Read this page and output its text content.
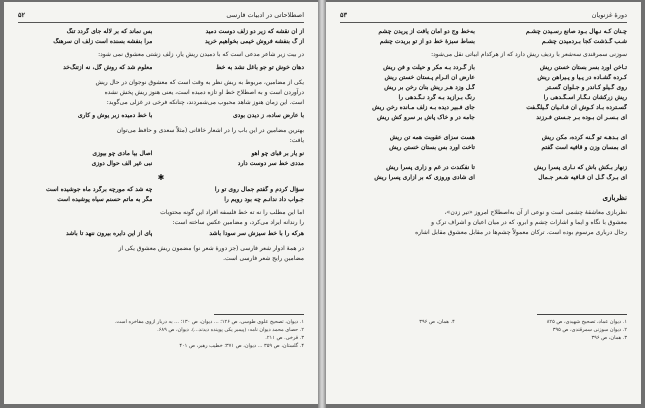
اصطلاحاتی در ادبیات فارسی
۵۲
از آن نقشه که زیر دو زلف دوست دمید
بس نماند که بر لاله جای گردد تنگ
از گ بنفشه فروش خیمی بخواهیم خرید
مرا بنفشه بسنده است زلف آن سرهنگ
در بیت زیر شاعر مدعی است که با دمیدن ریش یار، زلف زشتی معشوق نمی شود:
دهان خوش تو جو باغل نشد به خط
معلوم شد که روش گل، نه ازتنگ‌خد
یکی از مضامین، مربوط به ریش نظر به وقت است که معشوق نوجوان در حال ریش
درآوردن است و به اصطلاح خط او تازه دمیده است، یعنی هنوز ریش پخش نشده
است. این زمان هنوز شاهد محبوب می‌شمردند، چنانکه فرخی در غزلی می‌گوید:
با عارض ساده، ز دیدن بودی
با خط دمیده زبر یوش و کاری
بهترین مضامین در این باب را در اشعار خاقانی (مثلاً سعدی و حافظ می‌توان
یافت:
نو یار بر قبای چو آهو
اصال بیا مادی چو بیوزی
مددی خط سر دوست دارد
نبی غیر الف حوال دوزی
✱
سؤال کردم و گفتم جمال روی تو را
چه شد که مورچه برگرد ماه جوشیده است
جـواب داد ندانـم چه بود رویم را
مگر به ماتم حسنم سیاه پوشیده است
اما این مطلب را نه ته خط فلسفه افراد این گونه محتویات
را رندانه ایراد می‌کرد، و مضامین عکس ساخته است:
هرکه را با خط سیزش سر سودا باشد
پای از این دایره بیرون ننهد تا باشد
در همهٔ ادوار شعر فارسی (جز دورهٔ شعر نو) مضمون ریش معشوق یکی از
مضامین رایج شعر فارسی است.
۱. دیوان، تصحیح علوی طوسی، ص ۱۲۶؛ ... دیوان، ص ۱۳۰؛ ... به دربار ازوی مفاخره است.
۲. حصای محمد دیوان نامه: (پیمبر یکی پوینده دیدند...). دیوان، ص ۶۸۹.
۳. فرخی. ص ۲۱۱.
۴. گلستان، ص ۳۵۹ ... دیوان، ص ۳۷۱؛ خطیب رهبر، ص ۴۰۱
دورهٔ غزنویان
۵۳
چـنان کـه نـهال بـود صانع رسـیدن چشـم
به‌خط وج دو امان یافت از پریدن چشم
شـب گـذشت کجا بـردمیدن چشـم
بساط سبزهٔ خط دو از تو بریدت چشم
سوزنی سمرقندی سه‌شعر با ردیف ریش دارد که از هرکدام ابیاتی نقل می‌شود:
تـا‌خن آورد بسر بستان خستن ریش
باز گـردد بـه مکر و حیلت و فن ریش
کـرده گشـاده در پـیا و پـیراهن ریش
عارض آن آئـرام پـستان خستن ریش
روی گـیلو کـاندر و جـلوان گسـتر
گـل وزد هـر ریش بنان رخن بر ریش
ریش زرکشان نـگـار اسـگـدهی را
رنگ بـرازید بـه گرد نـگـدهی را
گسـترده بـاد کـوش آن فـانـیان گـیلگـفت
جای فـبیر دیده بـه زلف مـانده رخن ریش
ای بـسـر آن بـوده بـر جـستن فـرزند
جامه در و خاک پاش بر سرو کش ریش
ای بـدهـه تو گـنه کرده، مکن ریش
هست سزای عقوبت همه تن ریش
ای بمسان وزن و قافیه است گفتم
تاخت آورد بس بستان خستن ریش
زنهار بـکش باش که نـاری پسرا ریش
تا نفکندت در غم و زاری پسرا ریش
ای بـرگ گـل آن قـافیه شـعر جـمال
ای شادی وروزی که بر آزاری پسرا ریش
نظربازی
نظربازی معاشقهٔ چشمی است و نوعی از آن به‌اصطلاح امروز «تیر زدن»،
معشوق با نگاه و ایما و اشارات چشم و ابرو، که در میان اعیان و اشراف ترک و
رجال درباری مرسوم بوده است. ترکان معمولاً چشم‌ها در مقابل معشوق مقابل اشاره
۱. دیوان عماد، تصحیح شهیدی، ص ۸۲۵
۲. دیوان سوزنی سمرقندی، ص ۳۹۵
۳. همان، ص ۳۹۶
۴. همان، ص ۳۹۶
